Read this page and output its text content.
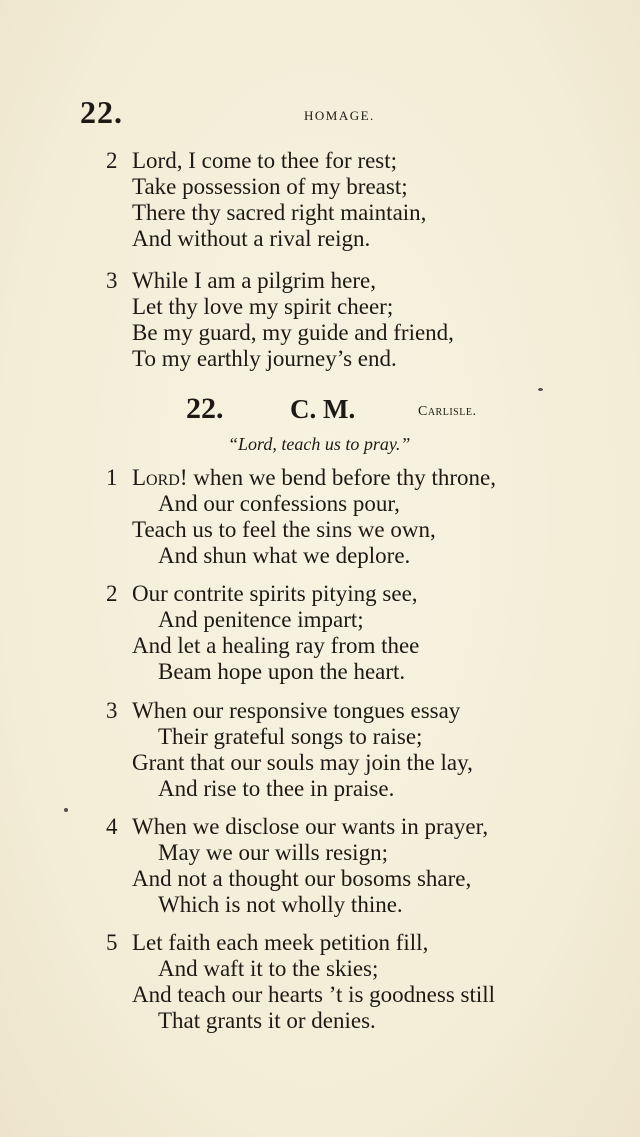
22.	HOMAGE.
2 Lord, I come to thee for rest;
Take possession of my breast;
There thy sacred right maintain,
And without a rival reign.
3 While I am a pilgrim here,
Let thy love my spirit cheer;
Be my guard, my guide and friend,
To my earthly journey’s end.
22. C. M.	Carlisle.
“Lord, teach us to pray.”
1 Lord! when we bend before thy throne,
And our confessions pour,
Teach us to feel the sins we own,
And shun what we deplore.
2 Our contrite spirits pitying see,
And penitence impart;
And let a healing ray from thee
Beam hope upon the heart.
3 When our responsive tongues essay
Their grateful songs to raise;
Grant that our souls may join the lay,
And rise to thee in praise.
4 When we disclose our wants in prayer,
May we our wills resign;
And not a thought our bosoms share,
Which is not wholly thine.
5 Let faith each meek petition fill,
And waft it to the skies;
And teach our hearts ’t is goodness still
That grants it or denies.
